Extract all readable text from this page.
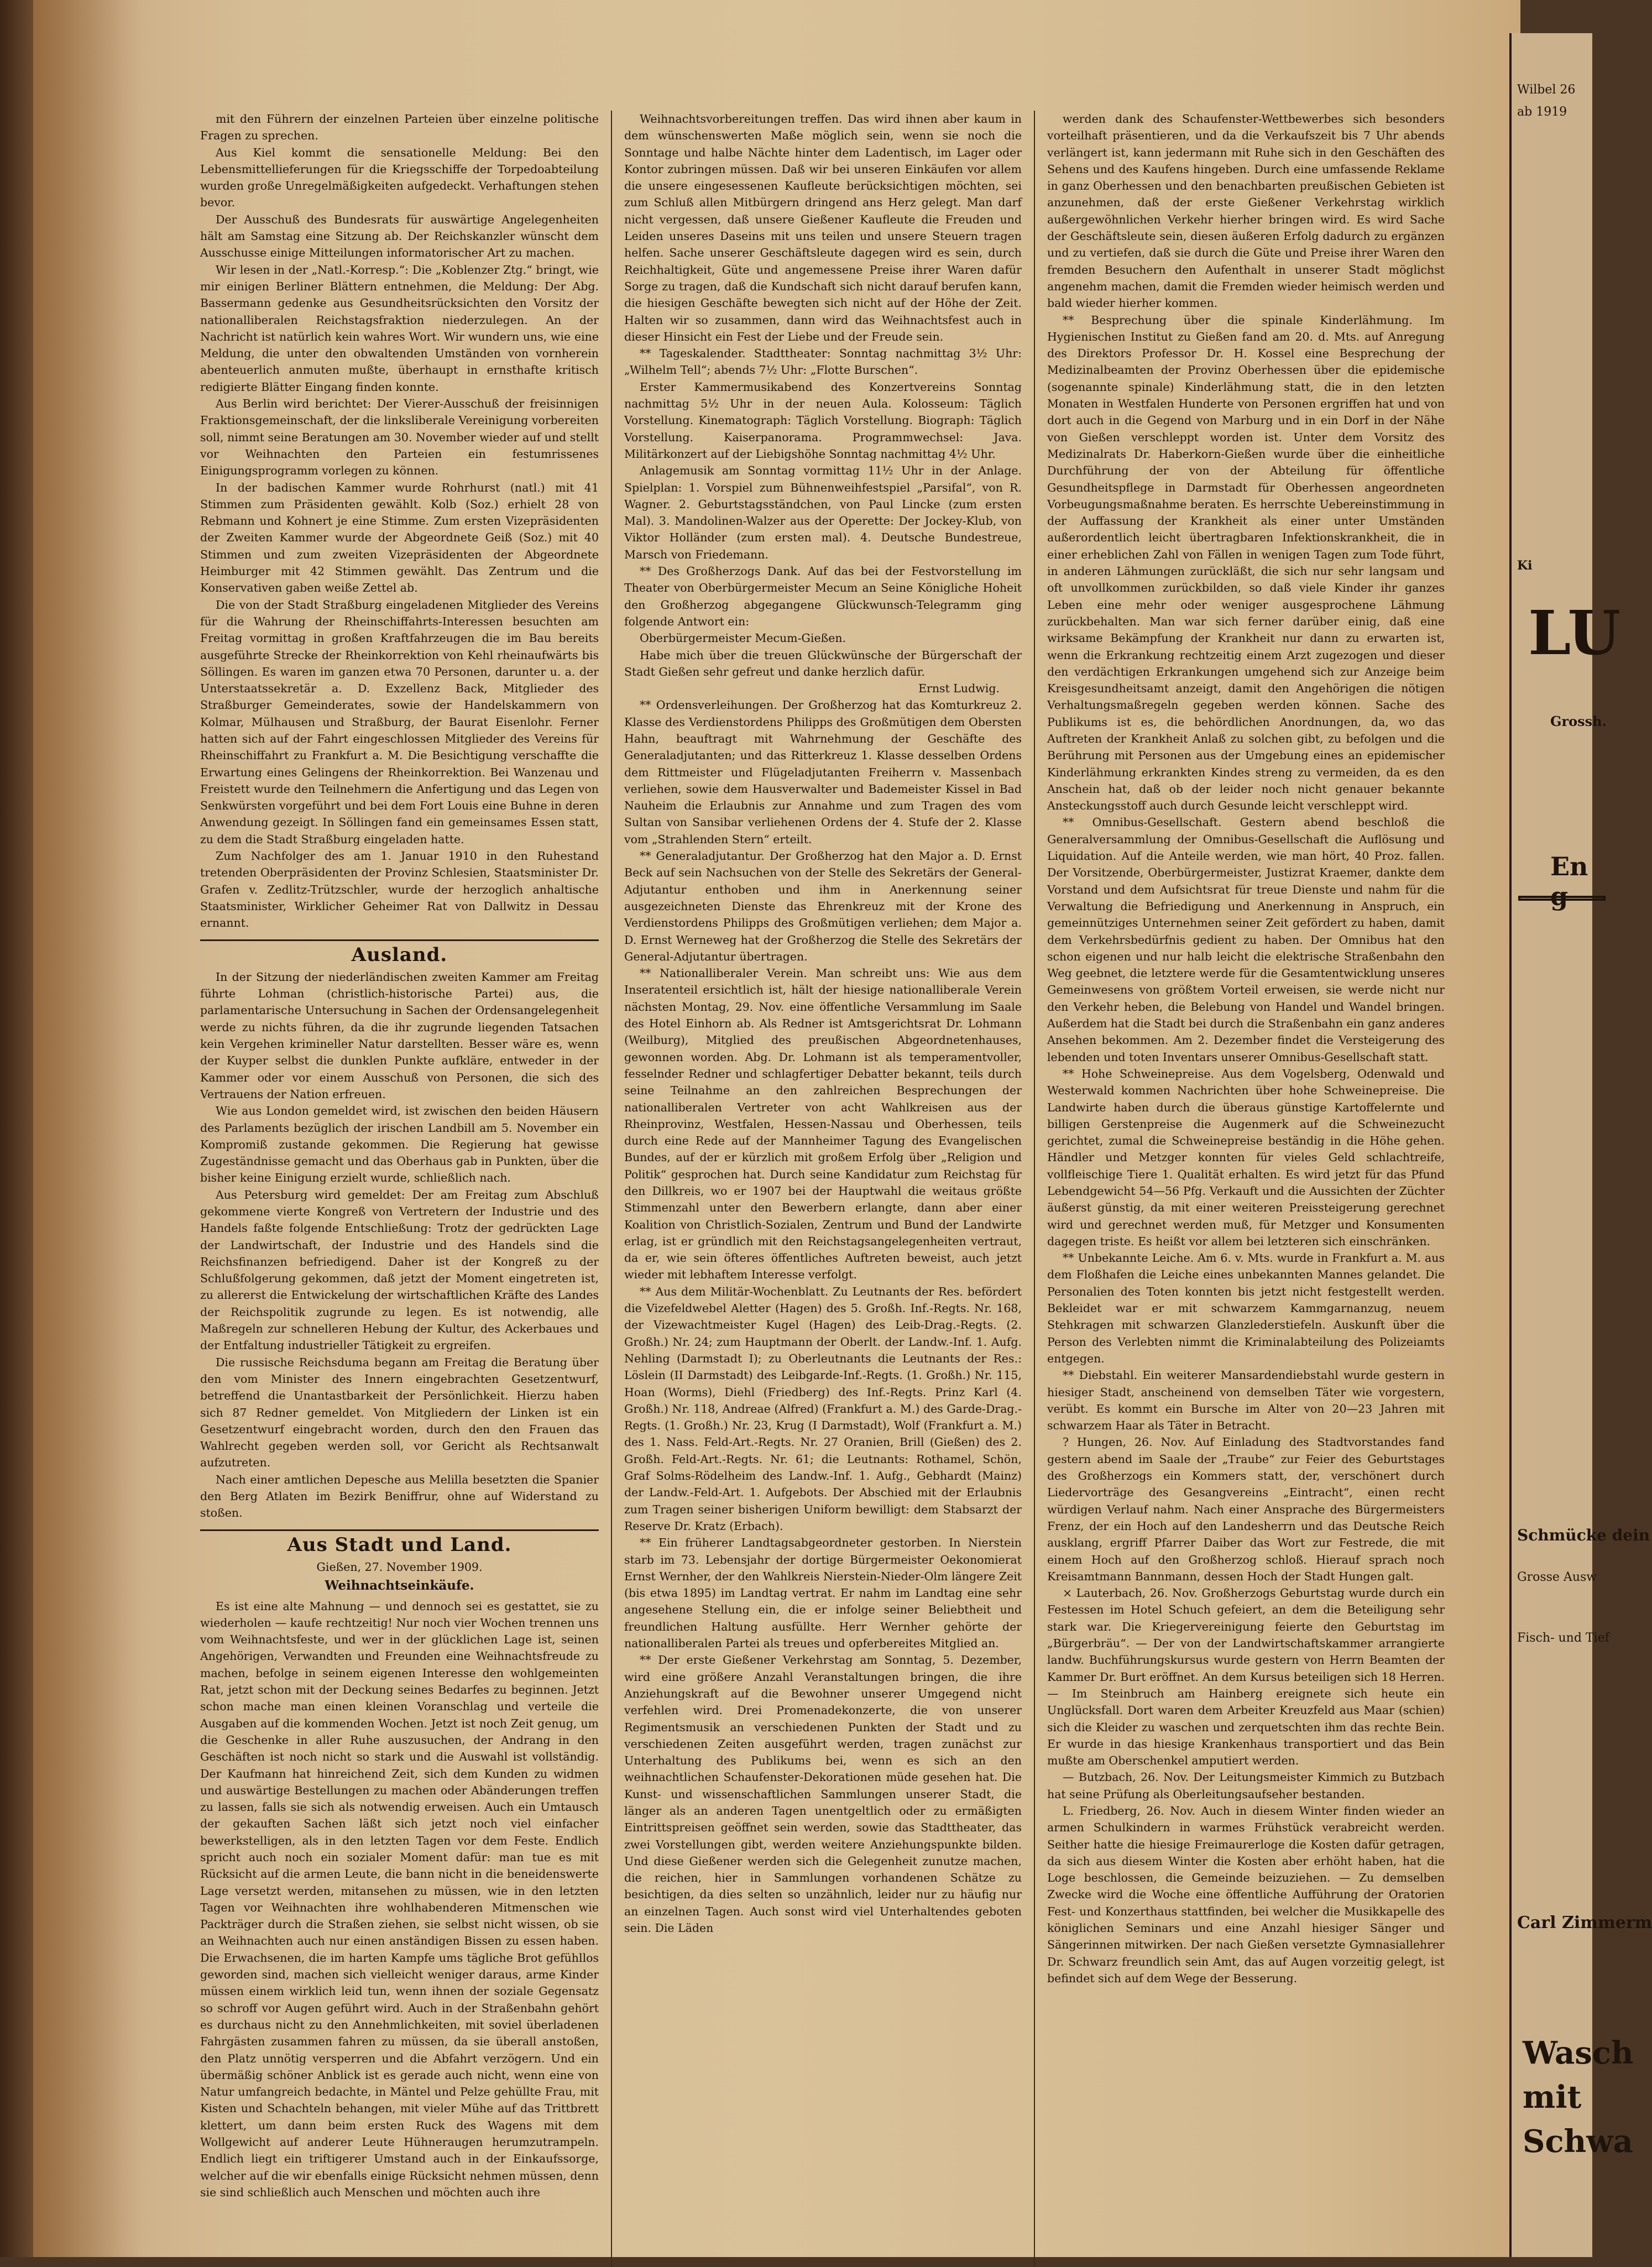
mit den Führern der einzelnen Parteien über einzelne politische Fragen zu sprechen.

Aus Kiel kommt die sensationelle Meldung: Bei den Lebensmittellieferungen für die Kriegsschiffe der Torpedoabteilung wurden große Unregelmäßigkeiten aufgedeckt. Verhaftungen stehen bevor.

Der Ausschuß des Bundesrats für auswärtige Angelegenheiten hält am Samstag eine Sitzung ab. Der Reichskanzler wünscht dem Ausschusse einige Mitteilungen informatorischer Art zu machen.

Wir lesen in der „Natl.-Korresp.“: Die „Koblenzer Ztg.“ bringt, wie mir einigen Berliner Blättern entnehmen, die Meldung: Der Abg. Bassermann gedenke aus Gesundheitsrücksichten den Vorsitz der nationalliberalen Reichstagsfraktion niederzulegen. An der Nachricht ist natürlich kein wahres Wort. Wir wundern uns, wie eine Meldung, die unter den obwaltenden Umständen von vornherein abenteuerlich anmuten mußte, überhaupt in ernsthafte kritisch redigierte Blätter Eingang finden konnte.

Aus Berlin wird berichtet: Der Vierer-Ausschuß der freisinnigen Fraktionsgemeinschaft, der die linksliberale Vereinigung vorbereiten soll, nimmt seine Beratungen am 30. November wieder auf und stellt vor Weihnachten den Parteien ein festumrissenes Einigungsprogramm vorlegen zu können.

In der badischen Kammer wurde Rohrhurst (natl.) mit 41 Stimmen zum Präsidenten gewählt. Kolb (Soz.) erhielt 28 von Rebmann und Kohnert je eine Stimme. Zum ersten Vizepräsidenten der Zweiten Kammer wurde der Abgeordnete Geiß (Soz.) mit 40 Stimmen und zum zweiten Vizepräsidenten der Abgeordnete Heimburger mit 42 Stimmen gewählt. Das Zentrum und die Konservativen gaben weiße Zettel ab.

Die von der Stadt Straßburg eingeladenen Mitglieder des Vereins für die Wahrung der Rheinschiffahrts-Interessen besuchten am Freitag vormittag in großen Kraftfahrzeugen die im Bau bereits ausgeführte Strecke der Rheinkorrektion von Kehl rheinaufwärts bis Söllingen. Es waren im ganzen etwa 70 Personen, darunter u. a. der Unterstaatssekretär a. D. Exzellenz Back, Mitglieder des Straßburger Gemeinderates, sowie der Handelskammern von Kolmar, Mülhausen und Straßburg, der Baurat Eisenlohr. Ferner hatten sich auf der Fahrt eingeschlossen Mitglieder des Vereins für Rheinschiffahrt zu Frankfurt a. M. Die Besichtigung verschaffte die Erwartung eines Gelingens der Rheinkorrektion. Bei Wanzenau und Freistett wurde den Teilnehmern die Anfertigung und das Legen von Senkwürsten vorgeführt und bei dem Fort Louis eine Buhne in deren Anwendung gezeigt. In Söllingen fand ein gemeinsames Essen statt, zu dem die Stadt Straßburg eingeladen hatte.

Zum Nachfolger des am 1. Januar 1910 in den Ruhestand tretenden Oberpräsidenten der Provinz Schlesien, Staatsminister Dr. Grafen v. Zedlitz-Trützschler, wurde der herzoglich anhaltische Staatsminister, Wirklicher Geheimer Rat von Dallwitz in Dessau ernannt.

Ausland.

In der Sitzung der niederländischen zweiten Kammer am Freitag führte Lohman (christlich-historische Partei) aus, die parlamentarische Untersuchung in Sachen der Ordensangelegenheit werde zu nichts führen, da die ihr zugrunde liegenden Tatsachen kein Vergehen krimineller Natur darstellten. Besser wäre es, wenn der Kuyper selbst die dunklen Punkte aufkläre, entweder in der Kammer oder vor einem Ausschuß von Personen, die sich des Vertrauens der Nation erfreuen.

Wie aus London gemeldet wird, ist zwischen den beiden Häusern des Parlaments bezüglich der irischen Landbill am 5. November ein Kompromiß zustande gekommen. Die Regierung hat gewisse Zugeständnisse gemacht und das Oberhaus gab in Punkten, über die bisher keine Einigung erzielt wurde, schließlich nach.

Aus Petersburg wird gemeldet: Der am Freitag zum Abschluß gekommene vierte Kongreß von Vertretern der Industrie und des Handels faßte folgende Entschließung: Trotz der gedrückten Lage der Landwirtschaft, der Industrie und des Handels sind die Reichsfinanzen befriedigend. Daher ist der Kongreß zu der Schlußfolgerung gekommen, daß jetzt der Moment eingetreten ist, zu allererst die Entwickelung der wirtschaftlichen Kräfte des Landes der Reichspolitik zugrunde zu legen. Es ist notwendig, alle Maßregeln zur schnelleren Hebung der Kultur, des Ackerbaues und der Entfaltung industrieller Tätigkeit zu ergreifen.

Die russische Reichsduma begann am Freitag die Beratung über den vom Minister des Innern eingebrachten Gesetzentwurf, betreffend die Unantastbarkeit der Persönlichkeit. Hierzu haben sich 87 Redner gemeldet. Von Mitgliedern der Linken ist ein Gesetzentwurf eingebracht worden, durch den den Frauen das Wahlrecht gegeben werden soll, vor Gericht als Rechtsanwalt aufzutreten.

Nach einer amtlichen Depesche aus Melilla besetzten die Spanier den Berg Atlaten im Bezirk Beniffrur, ohne auf Widerstand zu stoßen.

Aus Stadt und Land.
Gießen, 27. November 1909.
Weihnachtseinkäufe.

Es ist eine alte Mahnung — und dennoch sei es gestattet, sie zu wiederholen — kaufe rechtzeitig! Nur noch vier Wochen trennen uns vom Weihnachtsfeste, und wer in der glücklichen Lage ist, seinen Angehörigen, Verwandten und Freunden eine Weihnachtsfreude zu machen, befolge in seinem eigenen Interesse den wohlgemeinten Rat, jetzt schon mit der Deckung seines Bedarfes zu beginnen. Jetzt schon mache man einen kleinen Voranschlag und verteile die Ausgaben auf die kommenden Wochen. Jetzt ist noch Zeit genug, um die Geschenke in aller Ruhe auszusuchen, der Andrang in den Geschäften ist noch nicht so stark und die Auswahl ist vollständig. Der Kaufmann hat hinreichend Zeit, sich dem Kunden zu widmen und auswärtige Bestellungen zu machen oder Abänderungen treffen zu lassen, falls sie sich als notwendig erweisen. Auch ein Umtausch der gekauften Sachen läßt sich jetzt noch viel einfacher bewerkstelligen, als in den letzten Tagen vor dem Feste. Endlich spricht auch noch ein sozialer Moment dafür: man tue es mit Rücksicht auf die armen Leute, die bann nicht in die beneidenswerte Lage versetzt werden, mitansehen zu müssen, wie in den letzten Tagen vor Weihnachten ihre wohlhabenderen Mitmenschen wie Packträger durch die Straßen ziehen, sie selbst nicht wissen, ob sie an Weihnachten auch nur einen anständigen Bissen zu essen haben. Die Erwachsenen, die im harten Kampfe ums tägliche Brot gefühllos geworden sind, machen sich vielleicht weniger daraus, arme Kinder müssen einem wirklich leid tun, wenn ihnen der soziale Gegensatz so schroff vor Augen geführt wird. Auch in der Straßenbahn gehört es durchaus nicht zu den Annehmlichkeiten, mit soviel überladenen Fahrgästen zusammen fahren zu müssen, da sie überall anstoßen, den Platz unnötig versperren und die Abfahrt verzögern. Und ein übermäßig schöner Anblick ist es gerade auch nicht, wenn eine von Natur umfangreich bedachte, in Mäntel und Pelze gehüllte Frau, mit Kisten und Schachteln behangen, mit vieler Mühe auf das Trittbrett klettert, um dann beim ersten Ruck des Wagens mit dem Wollgewicht auf anderer Leute Hühneraugen herumzutrampeln. Endlich liegt ein triftigerer Umstand auch in der Einkaufssorge, welcher auf die wir ebenfalls einige Rücksicht nehmen müssen, denn sie sind schließlich auch Menschen und möchten auch ihre

Weihnachtsvorbereitungen treffen. Das wird ihnen aber kaum in dem wünschenswerten Maße möglich sein, wenn sie noch die Sonntage und halbe Nächte hinter dem Ladentisch, im Lager oder Kontor zubringen müssen. Daß wir bei unseren Einkäufen vor allem die unsere eingesessenen Kaufleute berücksichtigen möchten, sei zum Schluß allen Mitbürgern dringend ans Herz gelegt. Man darf nicht vergessen, daß unsere Gießener Kaufleute die Freuden und Leiden unseres Daseins mit uns teilen und unsere Steuern tragen helfen. Sache unserer Geschäftsleute dagegen wird es sein, durch Reichhaltigkeit, Güte und angemessene Preise ihrer Waren dafür Sorge zu tragen, daß die Kundschaft sich nicht darauf berufen kann, die hiesigen Geschäfte bewegten sich nicht auf der Höhe der Zeit. Halten wir so zusammen, dann wird das Weihnachtsfest auch in dieser Hinsicht ein Fest der Liebe und der Freude sein.

** Tageskalender. Stadttheater: Sonntag nachmittag 3½ Uhr: „Wilhelm Tell“; abends 7½ Uhr: „Flotte Burschen“.

Erster Kammermusikabend des Konzertvereins Sonntag nachmittag 5½ Uhr in der neuen Aula. Kolosseum: Täglich Vorstellung. Kinematograph: Täglich Vorstellung. Biograph: Täglich Vorstellung. Kaiserpanorama. Programmwechsel: Java. Militärkonzert auf der Liebigshöhe Sonntag nachmittag 4½ Uhr.

Anlagemusik am Sonntag vormittag 11½ Uhr in der Anlage. Spielplan: 1. Vorspiel zum Bühnenweihfestspiel „Parsifal“, von R. Wagner. 2. Geburtstagsständchen, von Paul Lincke (zum ersten Mal). 3. Mandolinen-Walzer aus der Operette: Der Jockey-Klub, von Viktor Holländer (zum ersten mal). 4. Deutsche Bundestreue, Marsch von Friedemann.

** Des Großherzogs Dank. Auf das bei der Festvorstellung im Theater von Oberbürgermeister Mecum an Seine Königliche Hoheit den Großherzog abgegangene Glückwunsch-Telegramm ging folgende Antwort ein:

Oberbürgermeister Mecum-Gießen.

Habe mich über die treuen Glückwünsche der Bürgerschaft der Stadt Gießen sehr gefreut und danke herzlich dafür.

Ernst Ludwig.

** Ordensverleihungen. Der Großherzog hat das Komturkreuz 2. Klasse des Verdienstordens Philipps des Großmütigen dem Obersten Hahn, beauftragt mit Wahrnehmung der Geschäfte des Generaladjutanten; und das Ritterkreuz 1. Klasse desselben Ordens dem Rittmeister und Flügeladjutanten Freiherrn v. Massenbach verliehen, sowie dem Hausverwalter und Bademeister Kissel in Bad Nauheim die Erlaubnis zur Annahme und zum Tragen des vom Sultan von Sansibar verliehenen Ordens der 4. Stufe der 2. Klasse vom „Strahlenden Stern“ erteilt.

** Generaladjutantur. Der Großherzog hat den Major a. D. Ernst Beck auf sein Nachsuchen von der Stelle des Sekretärs der General-Adjutantur enthoben und ihm in Anerkennung seiner ausgezeichneten Dienste das Ehrenkreuz mit der Krone des Verdienstordens Philipps des Großmütigen verliehen; dem Major a. D. Ernst Werneweg hat der Großherzog die Stelle des Sekretärs der General-Adjutantur übertragen.

** Nationalliberaler Verein. Man schreibt uns: Wie aus dem Inseratenteil ersichtlich ist, hält der hiesige nationalliberale Verein nächsten Montag, 29. Nov. eine öffentliche Versammlung im Saale des Hotel Einhorn ab. Als Redner ist Amtsgerichtsrat Dr. Lohmann (Weilburg), Mitglied des preußischen Abgeordnetenhauses, gewonnen worden. Abg. Dr. Lohmann ist als temperamentvoller, fesselnder Redner und schlagfertiger Debatter bekannt, teils durch seine Teilnahme an den zahlreichen Besprechungen der nationalliberalen Vertreter von acht Wahlkreisen aus der Rheinprovinz, Westfalen, Hessen-Nassau und Oberhessen, teils durch eine Rede auf der Mannheimer Tagung des Evangelischen Bundes, auf der er kürzlich mit großem Erfolg über „Religion und Politik“ gesprochen hat. Durch seine Kandidatur zum Reichstag für den Dillkreis, wo er 1907 bei der Hauptwahl die weitaus größte Stimmenzahl unter den Bewerbern erlangte, dann aber einer Koalition von Christlich-Sozialen, Zentrum und Bund der Landwirte erlag, ist er gründlich mit den Reichstagsangelegenheiten vertraut, da er, wie sein öfteres öffentliches Auftreten beweist, auch jetzt wieder mit lebhaftem Interesse verfolgt.

** Aus dem Militär-Wochenblatt. Zu Leutnants der Res. befördert die Vizefeldwebel Aletter (Hagen) des 5. Großh. Inf.-Regts. Nr. 168, der Vizewachtmeister Kugel (Hagen) des Leib-Drag.-Regts. (2. Großh.) Nr. 24; zum Hauptmann der Oberlt. der Landw.-Inf. 1. Aufg. Nehling (Darmstadt I); zu Oberleutnants die Leutnants der Res.: Löslein (II Darmstadt) des Leibgarde-Inf.-Regts. (1. Großh.) Nr. 115, Hoan (Worms), Diehl (Friedberg) des Inf.-Regts. Prinz Karl (4. Großh.) Nr. 118, Andreae (Alfred) (Frankfurt a. M.) des Garde-Drag.-Regts. (1. Großh.) Nr. 23, Krug (I Darmstadt), Wolf (Frankfurt a. M.) des 1. Nass. Feld-Art.-Regts. Nr. 27 Oranien, Brill (Gießen) des 2. Großh. Feld-Art.-Regts. Nr. 61; die Leutnants: Rothamel, Schön, Graf Solms-Rödelheim des Landw.-Inf. 1. Aufg., Gebhardt (Mainz) der Landw.-Feld-Art. 1. Aufgebots. Der Abschied mit der Erlaubnis zum Tragen seiner bisherigen Uniform bewilligt: dem Stabsarzt der Reserve Dr. Kratz (Erbach).

** Ein früherer Landtagsabgeordneter gestorben. In Nierstein starb im 73. Lebensjahr der dortige Bürgermeister Oekonomierat Ernst Wernher, der den Wahlkreis Nierstein-Nieder-Olm längere Zeit (bis etwa 1895) im Landtag vertrat. Er nahm im Landtag eine sehr angesehene Stellung ein, die er infolge seiner Beliebtheit und freundlichen Haltung ausfüllte. Herr Wernher gehörte der nationalliberalen Partei als treues und opferbereites Mitglied an.

** Der erste Gießener Verkehrstag am Sonntag, 5. Dezember, wird eine größere Anzahl Veranstaltungen bringen, die ihre Anziehungskraft auf die Bewohner unserer Umgegend nicht verfehlen wird. Drei Promenadekonzerte, die von unserer Regimentsmusik an verschiedenen Punkten der Stadt und zu verschiedenen Zeiten ausgeführt werden, tragen zunächst zur Unterhaltung des Publikums bei, wenn es sich an den weihnachtlichen Schaufenster-Dekorationen müde gesehen hat. Die Kunst- und wissenschaftlichen Sammlungen unserer Stadt, die länger als an anderen Tagen unentgeltlich oder zu ermäßigten Eintrittspreisen geöffnet sein werden, sowie das Stadttheater, das zwei Vorstellungen gibt, werden weitere Anziehungspunkte bilden. Und diese Gießener werden sich die Gelegenheit zunutze machen, die reichen, hier in Sammlungen vorhandenen Schätze zu besichtigen, da dies selten so unzähnlich, leider nur zu häufig nur an einzelnen Tagen. Auch sonst wird viel Unterhaltendes geboten sein. Die Läden

werden dank des Schaufenster-Wettbewerbes sich besonders vorteilhaft präsentieren, und da die Verkaufszeit bis 7 Uhr abends verlängert ist, kann jedermann mit Ruhe sich in den Geschäften des Sehens und des Kaufens hingeben. Durch eine umfassende Reklame in ganz Oberhessen und den benachbarten preußischen Gebieten ist anzunehmen, daß der erste Gießener Verkehrstag wirklich außergewöhnlichen Verkehr hierher bringen wird. Es wird Sache der Geschäftsleute sein, diesen äußeren Erfolg dadurch zu ergänzen und zu vertiefen, daß sie durch die Güte und Preise ihrer Waren den fremden Besuchern den Aufenthalt in unserer Stadt möglichst angenehm machen, damit die Fremden wieder heimisch werden und bald wieder hierher kommen.

** Besprechung über die spinale Kinderlähmung. Im Hygienischen Institut zu Gießen fand am 20. d. Mts. auf Anregung des Direktors Professor Dr. H. Kossel eine Besprechung der Medizinalbeamten der Provinz Oberhessen über die epidemische (sogenannte spinale) Kinderlähmung statt, die in den letzten Monaten in Westfalen Hunderte von Personen ergriffen hat und von dort auch in die Gegend von Marburg und in ein Dorf in der Nähe von Gießen verschleppt worden ist. Unter dem Vorsitz des Medizinalrats Dr. Haberkorn-Gießen wurde über die einheitliche Durchführung der von der Abteilung für öffentliche Gesundheitspflege in Darmstadt für Oberhessen angeordneten Vorbeugungsmaßnahme beraten. Es herrschte Uebereinstimmung in der Auffassung der Krankheit als einer unter Umständen außerordentlich leicht übertragbaren Infektionskrankheit, die in einer erheblichen Zahl von Fällen in wenigen Tagen zum Tode führt, in anderen Lähmungen zurückläßt, die sich nur sehr langsam und oft unvollkommen zurückbilden, so daß viele Kinder ihr ganzes Leben eine mehr oder weniger ausgesprochene Lähmung zurückbehalten. Man war sich ferner darüber einig, daß eine wirksame Bekämpfung der Krankheit nur dann zu erwarten ist, wenn die Erkrankung rechtzeitig einem Arzt zugezogen und dieser den verdächtigen Erkrankungen umgehend sich zur Anzeige beim Kreisgesundheitsamt anzeigt, damit den Angehörigen die nötigen Verhaltungsmaßregeln gegeben werden können. Sache des Publikums ist es, die behördlichen Anordnungen, da, wo das Auftreten der Krankheit Anlaß zu solchen gibt, zu befolgen und die Berührung mit Personen aus der Umgebung eines an epidemischer Kinderlähmung erkrankten Kindes streng zu vermeiden, da es den Anschein hat, daß ob der leider noch nicht genauer bekannte Ansteckungsstoff auch durch Gesunde leicht verschleppt wird.

** Omnibus-Gesellschaft. Gestern abend beschloß die Generalversammlung der Omnibus-Gesellschaft die Auflösung und Liquidation. Auf die Anteile werden, wie man hört, 40 Proz. fallen. Der Vorsitzende, Oberbürgermeister, Justizrat Kraemer, dankte dem Vorstand und dem Aufsichtsrat für treue Dienste und nahm für die Verwaltung die Befriedigung und Anerkennung in Anspruch, ein gemeinnütziges Unternehmen seiner Zeit gefördert zu haben, damit dem Verkehrsbedürfnis gedient zu haben. Der Omnibus hat den schon eigenen und nur halb leicht die elektrische Straßenbahn den Weg geebnet, die letztere werde für die Gesamtentwicklung unseres Gemeinwesens von größtem Vorteil erweisen, sie werde nicht nur den Verkehr heben, die Belebung von Handel und Wandel bringen. Außerdem hat die Stadt bei durch die Straßenbahn ein ganz anderes Ansehen bekommen. Am 2. Dezember findet die Versteigerung des lebenden und toten Inventars unserer Omnibus-Gesellschaft statt.

** Hohe Schweinepreise. Aus dem Vogelsberg, Odenwald und Westerwald kommen Nachrichten über hohe Schweinepreise. Die Landwirte haben durch die überaus günstige Kartoffelernte und billigen Gerstenpreise die Augenmerk auf die Schweinezucht gerichtet, zumal die Schweinepreise beständig in die Höhe gehen. Händler und Metzger konnten für vieles Geld schlachtreife, vollfleischige Tiere 1. Qualität erhalten. Es wird jetzt für das Pfund Lebendgewicht 54—56 Pfg. Verkauft und die Aussichten der Züchter äußerst günstig, da mit einer weiteren Preissteigerung gerechnet wird und gerechnet werden muß, für Metzger und Konsumenten dagegen triste. Es heißt vor allem bei letzteren sich einschränken.

** Unbekannte Leiche. Am 6. v. Mts. wurde in Frankfurt a. M. aus dem Floßhafen die Leiche eines unbekannten Mannes gelandet. Die Personalien des Toten konnten bis jetzt nicht festgestellt werden. Bekleidet war er mit schwarzem Kammgarnanzug, neuem Stehkragen mit schwarzen Glanzlederstiefeln. Auskunft über die Person des Verlebten nimmt die Kriminalabteilung des Polizeiamts entgegen.

** Diebstahl. Ein weiterer Mansardendiebstahl wurde gestern in hiesiger Stadt, anscheinend von demselben Täter wie vorgestern, verübt. Es kommt ein Bursche im Alter von 20—23 Jahren mit schwarzem Haar als Täter in Betracht.

? Hungen, 26. Nov. Auf Einladung des Stadtvorstandes fand gestern abend im Saale der „Traube“ zur Feier des Geburtstages des Großherzogs ein Kommers statt, der, verschönert durch Liedervorträge des Gesangvereins „Eintracht“, einen recht würdigen Verlauf nahm. Nach einer Ansprache des Bürgermeisters Frenz, der ein Hoch auf den Landesherrn und das Deutsche Reich ausklang, ergriff Pfarrer Daiber das Wort zur Festrede, die mit einem Hoch auf den Großherzog schloß. Hierauf sprach noch Kreisamtmann Bannmann, dessen Hoch der Stadt Hungen galt.

× Lauterbach, 26. Nov. Großherzogs Geburtstag wurde durch ein Festessen im Hotel Schuch gefeiert, an dem die Beteiligung sehr stark war. Die Kriegervereinigung feierte den Geburtstag im „Bürgerbräu“. — Der von der Landwirtschaftskammer arrangierte landw. Buchführungskursus wurde gestern von Herrn Beamten der Kammer Dr. Burt eröffnet. An dem Kursus beteiligen sich 18 Herren. — Im Steinbruch am Hainberg ereignete sich heute ein Unglücksfall. Dort waren dem Arbeiter Kreuzfeld aus Maar (schien) sich die Kleider zu waschen und zerquetschten ihm das rechte Bein. Er wurde in das hiesige Krankenhaus transportiert und das Bein mußte am Oberschenkel amputiert werden.

— Butzbach, 26. Nov. Der Leitungsmeister Kimmich zu Butzbach hat seine Prüfung als Oberleitungsaufseher bestanden.

L. Friedberg, 26. Nov. Auch in diesem Winter finden wieder an armen Schulkindern in warmes Frühstück verabreicht werden. Seither hatte die hiesige Freimaurerloge die Kosten dafür getragen, da sich aus diesem Winter die Kosten aber erhöht haben, hat die Loge beschlossen, die Gemeinde beizuziehen. — Zu demselben Zwecke wird die Woche eine öffentliche Aufführung der Oratorien Fest- und Konzerthaus stattfinden, bei welcher die Musikkapelle des königlichen Seminars und eine Anzahl hiesiger Sänger und Sängerinnen mitwirken. Der nach Gießen versetzte Gymnasiallehrer Dr. Schwarz freundlich sein Amt, das auf Augen vorzeitig gelegt, ist befindet sich auf dem Wege der Besserung.

Wilbel 26
ab 1919
Ki
LU
Grossh.
En g
Schmücke dein
Grosse Ausw
Fisch- und Tief
Carl Zimmerm
Wasch
mit
Schwa
